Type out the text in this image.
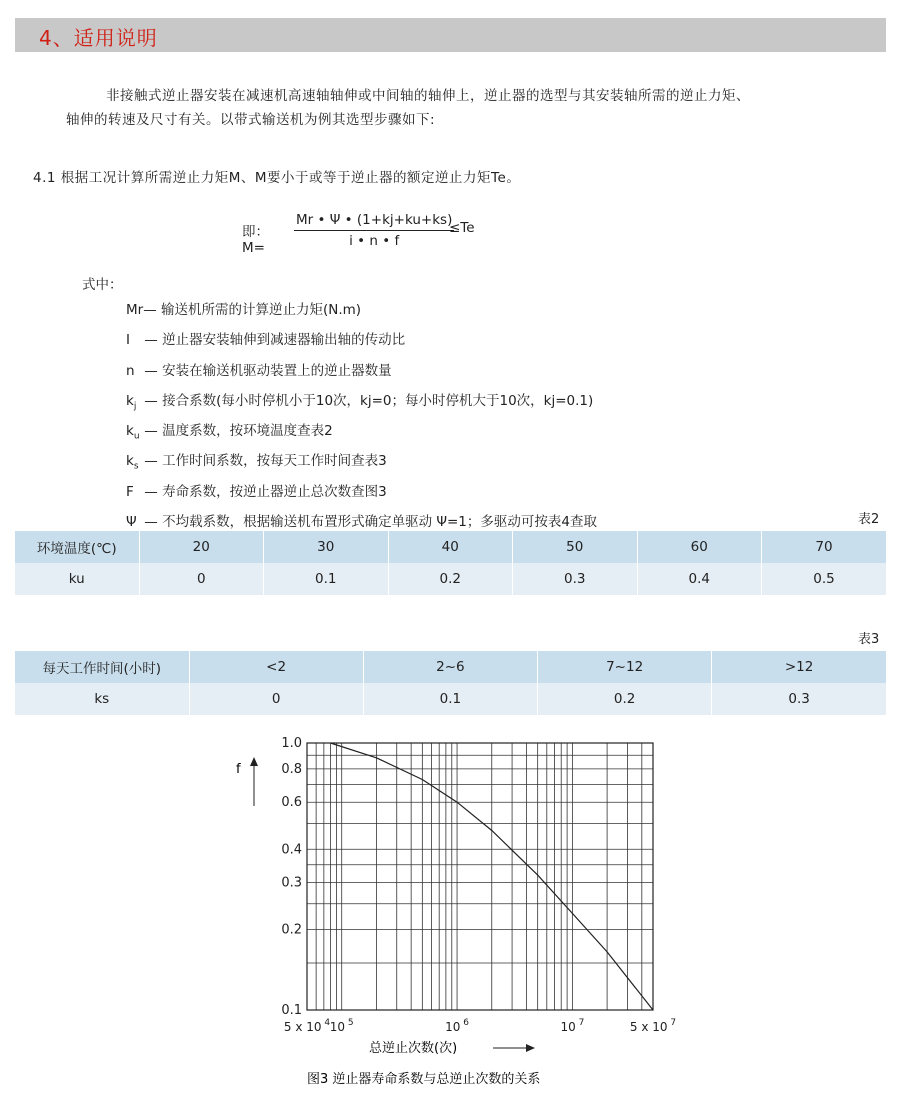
4、适用说明
非接触式逆止器安装在减速机高速轴轴伸或中间轴的轴伸上，逆止器的选型与其安装轴所需的逆止力矩、
轴伸的转速及尺寸有关。以带式输送机为例其选型步骤如下:
4.1 根据工况计算所需逆止力矩M、M要小于或等于逆止器的额定逆止力矩Te。
即：$M= \frac{Mr • \Psi • (1+kj+ku+ks)}{i • n • f}$
≤Te
式中：
Mr— 输送机所需的计算逆止力矩(N.m)
I — 逆止器安装轴伸到减速器输出轴的传动比
n — 安装在输送机驱动装置上的逆止器数量
$k_j$ — 接合系数(每小时停机小于10次，kj=0；每小时停机大于10次，kj=0.1)
$k_u$ — 温度系数，按环境温度查表2
$k_s$ — 工作时间系数，按每天工作时间查表3
F — 寿命系数，按逆止器逆止总次数查图3
Ψ — 不均载系数，根据输送机布置形式确定单驱动 Ψ=1；多驱动可按表4查取	表2
环境温度(℃)	20	30	40	50	60	70
ku	0	0.1	0.2	0.3	0.4	0.5
表3
每天工作时间(小时)	<2	2~6	7~12	>12
ks	0	0.1	0.2	0.3
1.0
0.8
0.6
0.4
0.3
0.2
0.1
5 x 10 $^4$ 10 $^5$	10 $^6$	10 $^7$	5 x 10 $^7$
f
总逆止次数(次)
图3 逆止器寿命系数与总逆止次数的关系
